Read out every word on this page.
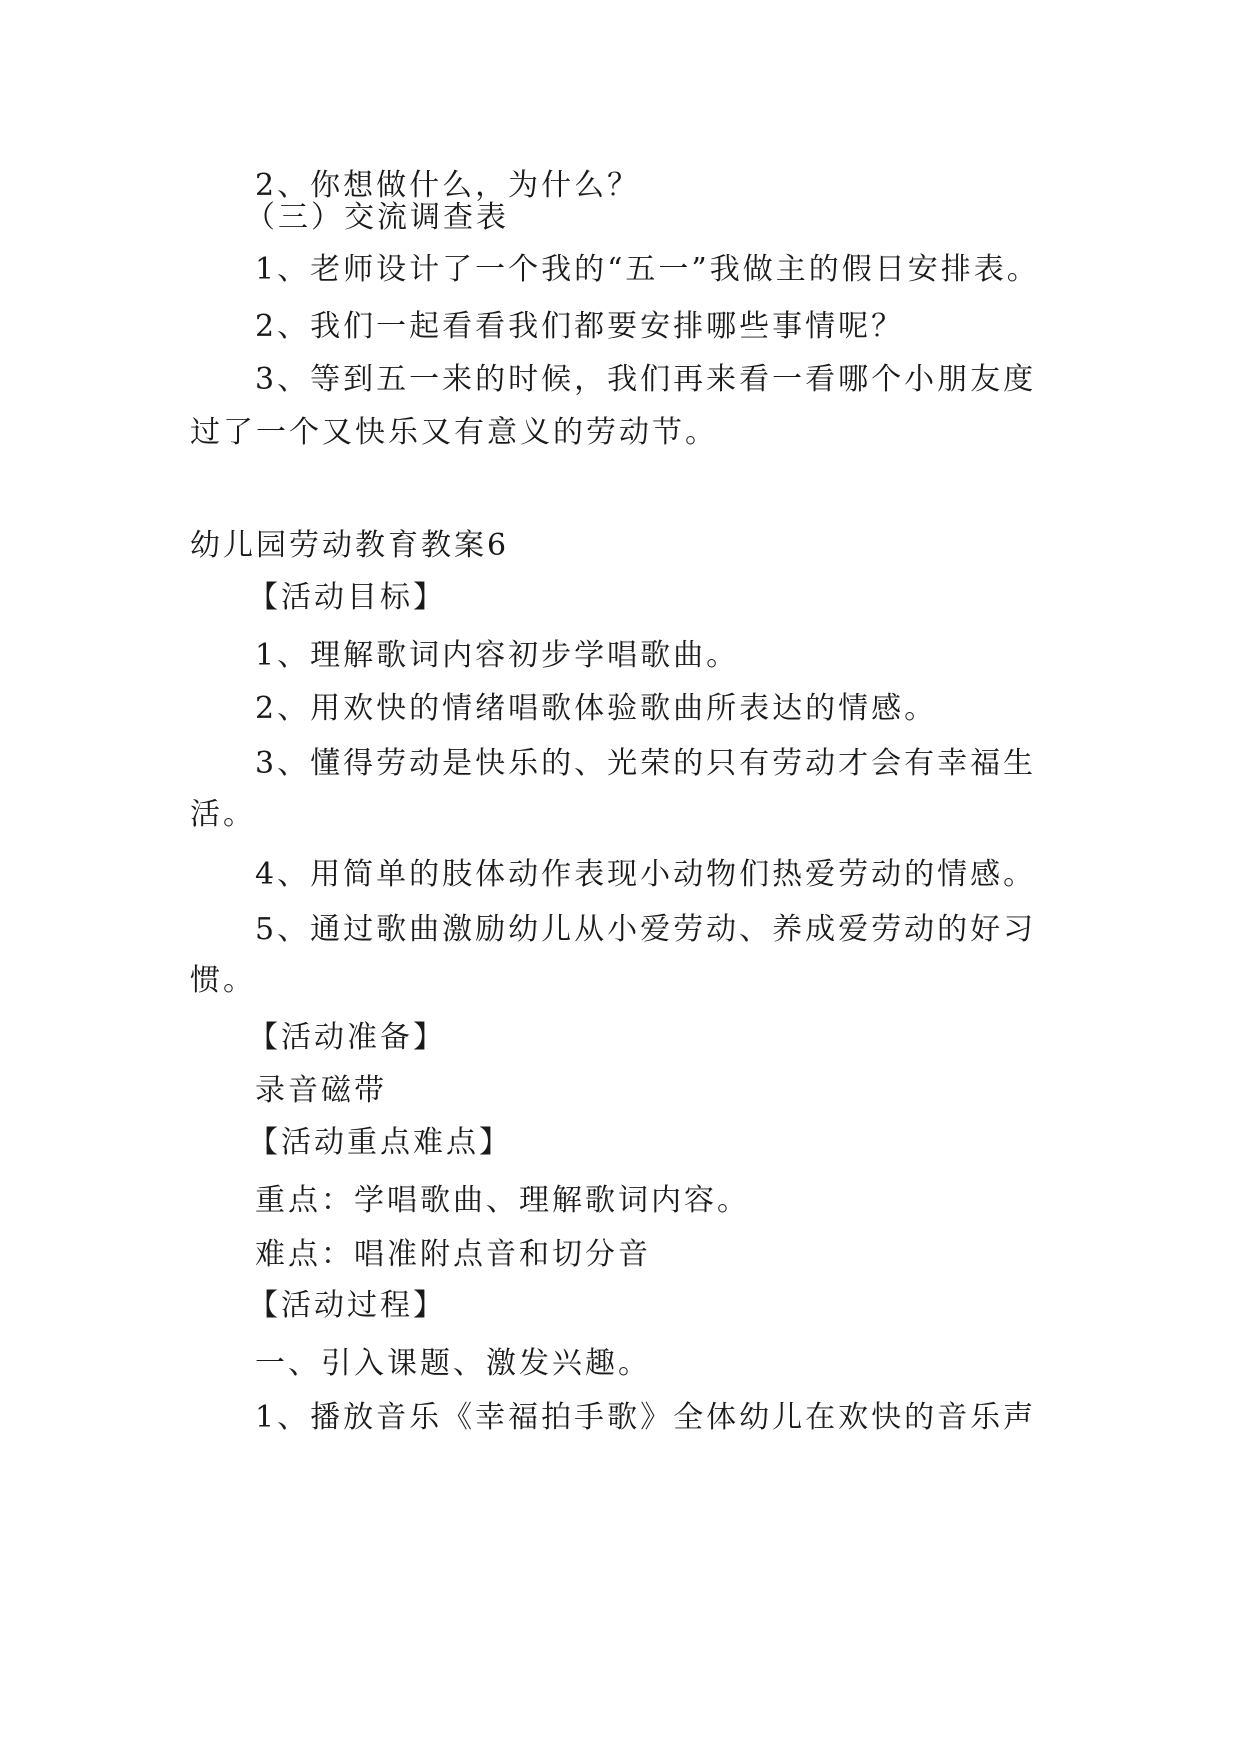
2、你想做什么，为什么？

（三）交流调查表

1、老师设计了一个我的“五一”我做主的假日安排表。

2、我们一起看看我们都要安排哪些事情呢？

3、等到五一来的时候，我们再来看一看哪个小朋友度

过了一个又快乐又有意义的劳动节。

幼儿园劳动教育教案6

【活动目标】

1、理解歌词内容初步学唱歌曲。

2、用欢快的情绪唱歌体验歌曲所表达的情感。

3、懂得劳动是快乐的、光荣的只有劳动才会有幸福生

活。

4、用简单的肢体动作表现小动物们热爱劳动的情感。

5、通过歌曲激励幼儿从小爱劳动、养成爱劳动的好习

惯。

【活动准备】

录音磁带

【活动重点难点】

重点：学唱歌曲、理解歌词内容。

难点：唱准附点音和切分音

【活动过程】

一、引入课题、激发兴趣。

1、播放音乐《幸福拍手歌》全体幼儿在欢快的音乐声
